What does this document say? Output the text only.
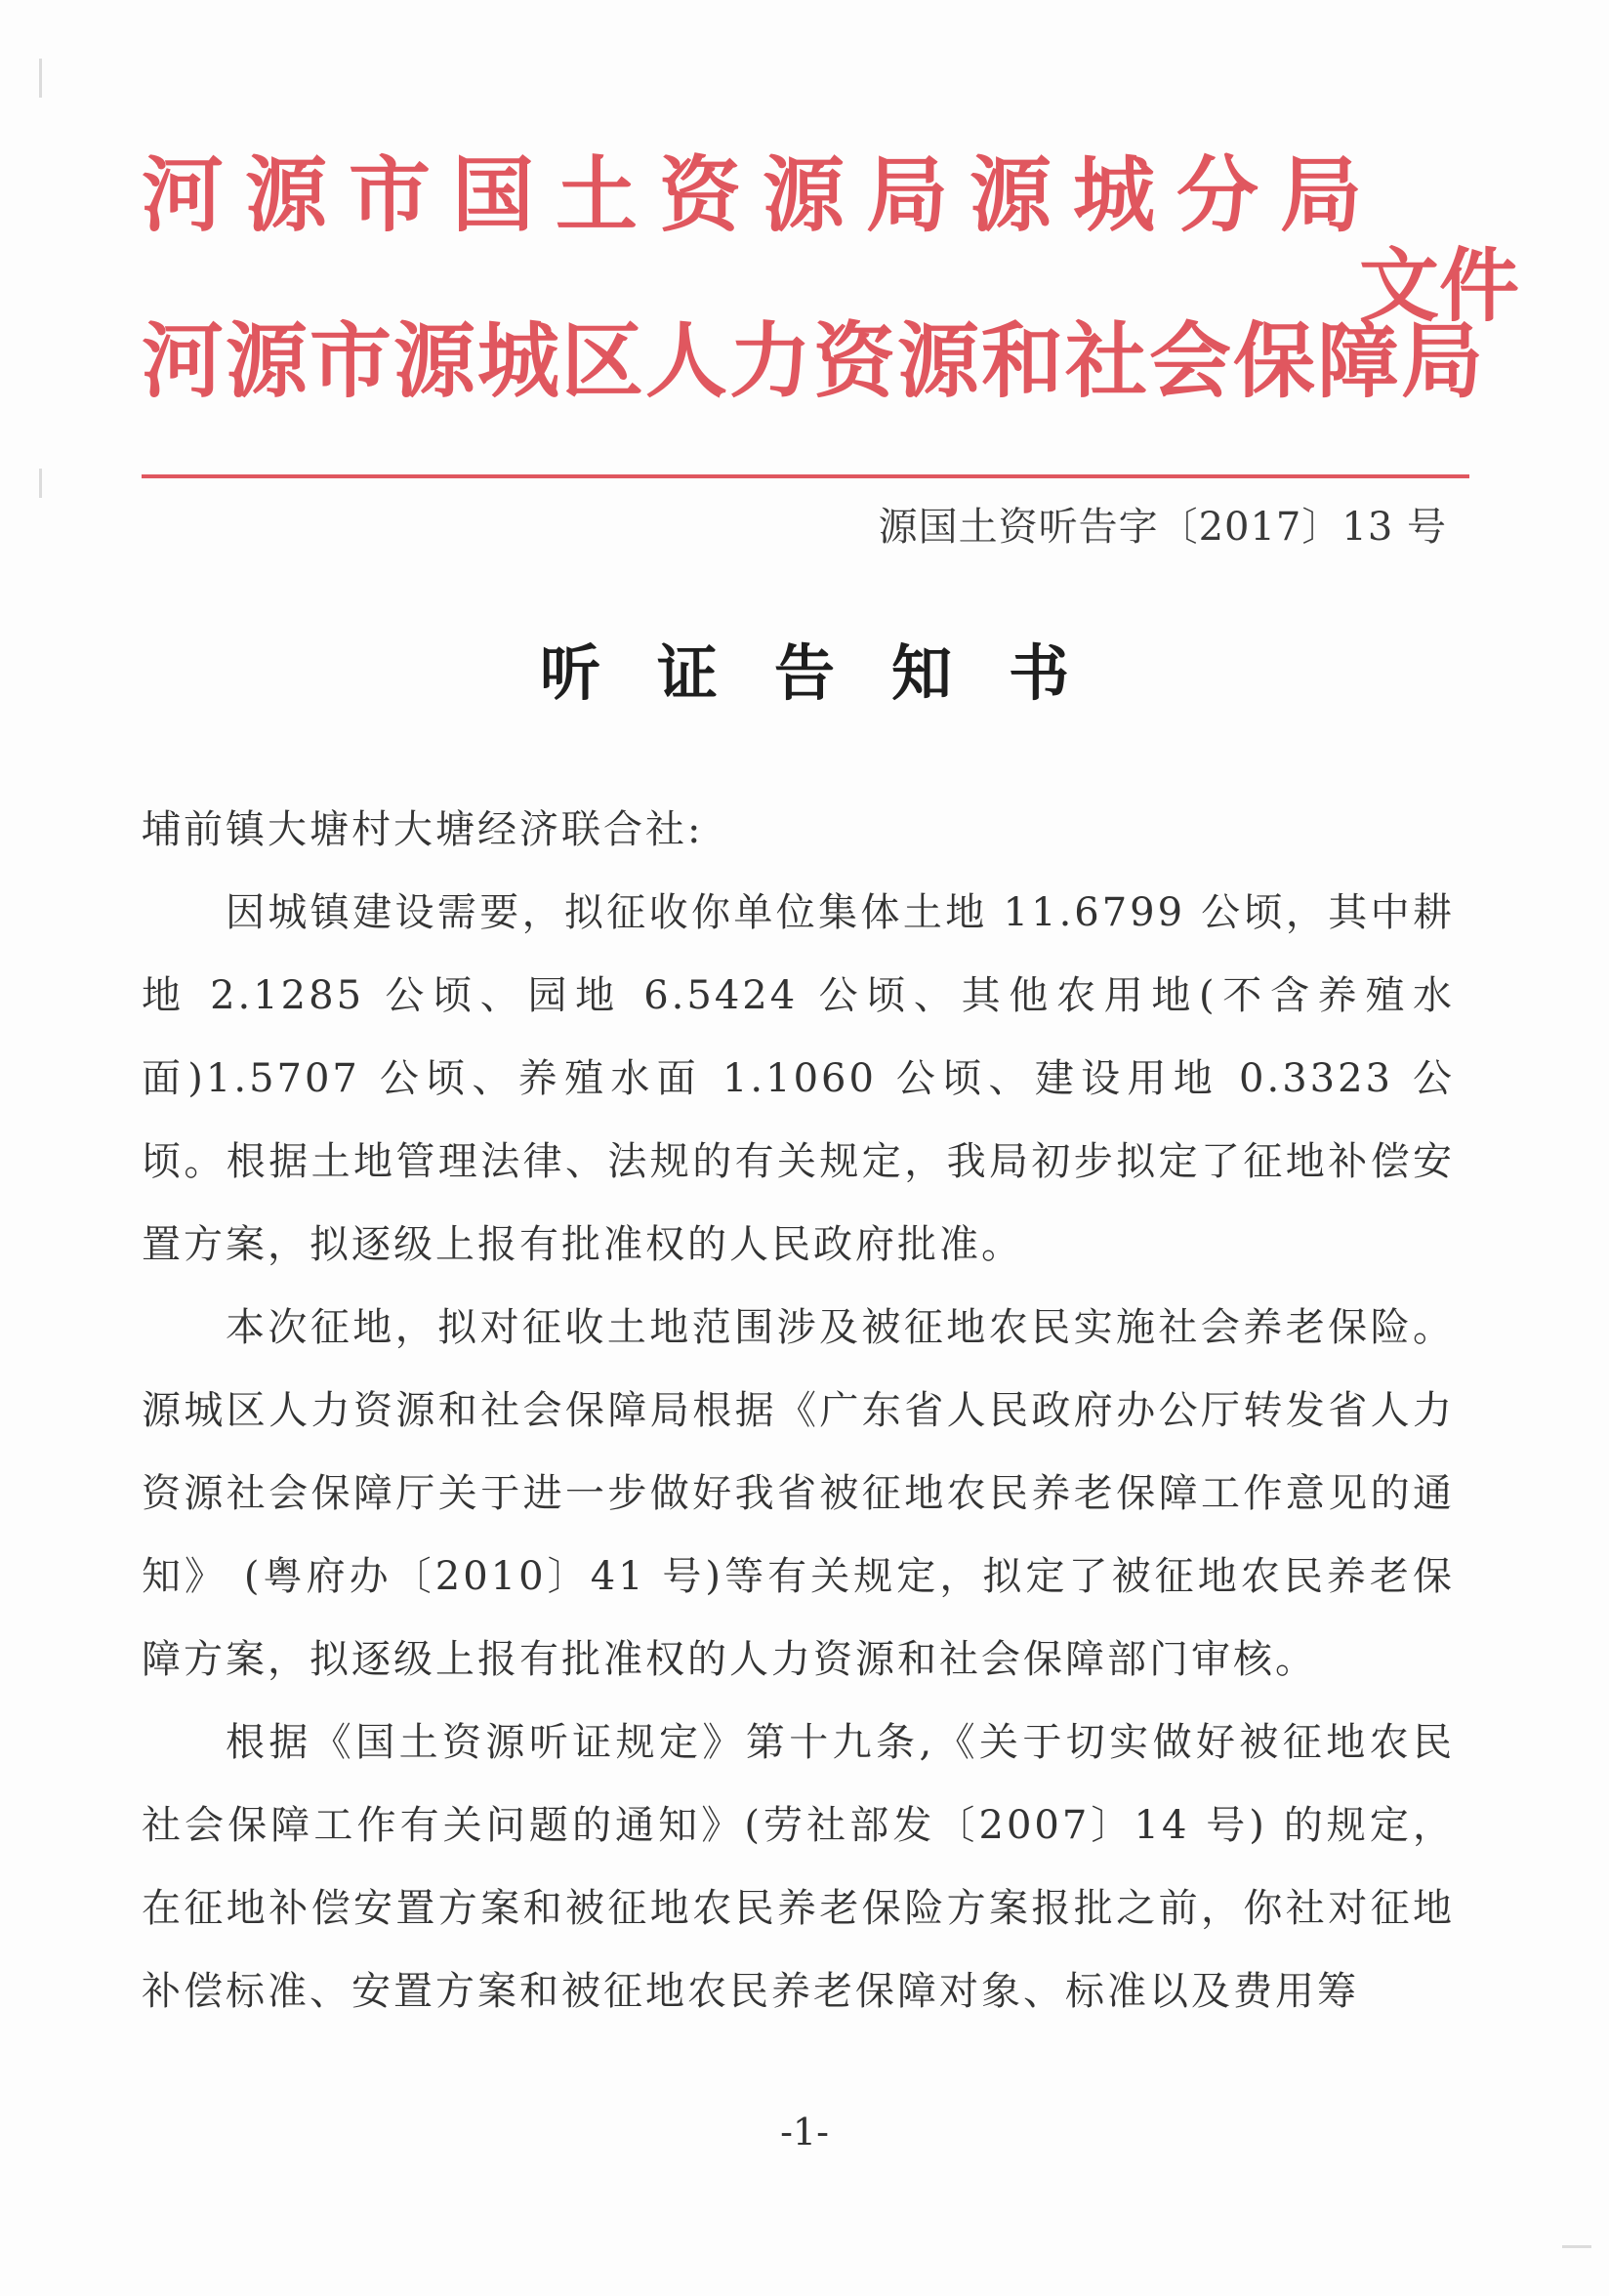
河源市国土资源局源城分局
河源市源城区人力资源和社会保障局
文件
源国土资听告字〔2017〕13 号
听证告知书

埔前镇大塘村大塘经济联合社:

因城镇建设需要，拟征收你单位集体土地 11.6799 公顷，其中耕地 2.1285 公顷、园地 6.5424 公顷、其他农用地(不含养殖水面)1.5707 公顷、养殖水面 1.1060 公顷、建设用地 0.3323 公顷。根据土地管理法律、法规的有关规定，我局初步拟定了征地补偿安置方案，拟逐级上报有批准权的人民政府批准。

本次征地，拟对征收土地范围涉及被征地农民实施社会养老保险。源城区人力资源和社会保障局根据《广东省人民政府办公厅转发省人力资源社会保障厅关于进一步做好我省被征地农民养老保障工作意见的通知》 (粤府办〔2010〕41 号)等有关规定，拟定了被征地农民养老保障方案，拟逐级上报有批准权的人力资源和社会保障部门审核。

根据《国土资源听证规定》第十九条,《关于切实做好被征地农民社会保障工作有关问题的通知》(劳社部发〔2007〕14 号) 的规定，在征地补偿安置方案和被征地农民养老保险方案报批之前，你社对征地补偿标准、安置方案和被征地农民养老保障对象、标准以及费用筹

-1-
